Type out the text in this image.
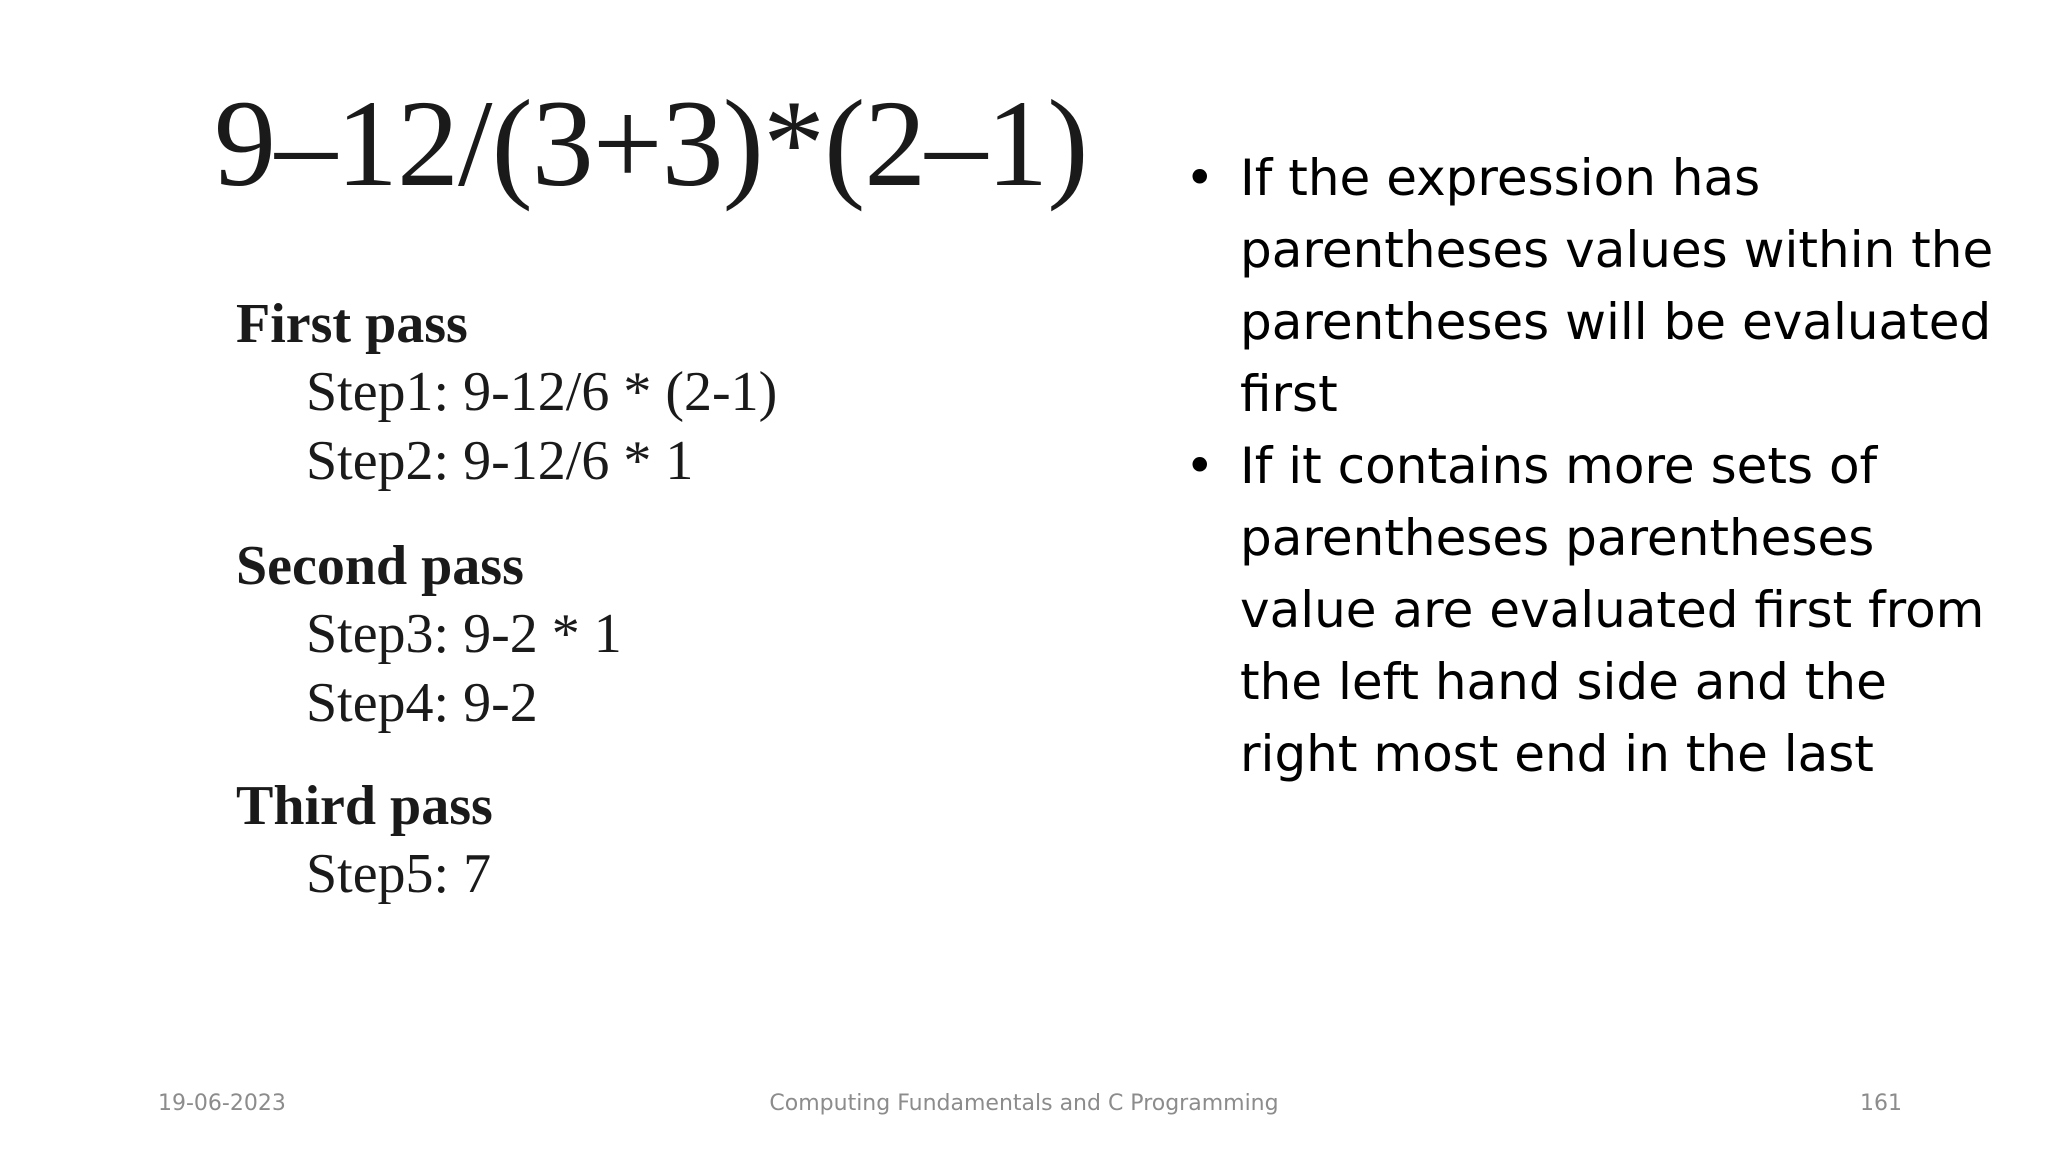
9–12/(3+3)*(2–1)
First pass
Step1: 9-12/6 * (2-1)
Step2: 9-12/6 * 1
Second pass
Step3: 9-2 * 1
Step4: 9-2
Third pass
Step5: 7
• If the expression has parentheses values within the parentheses will be evaluated first
• If it contains more sets of parentheses parentheses value are evaluated first from the left hand side and the right most end in the last
19-06-2023	Computing Fundamentals and C Programming	161
